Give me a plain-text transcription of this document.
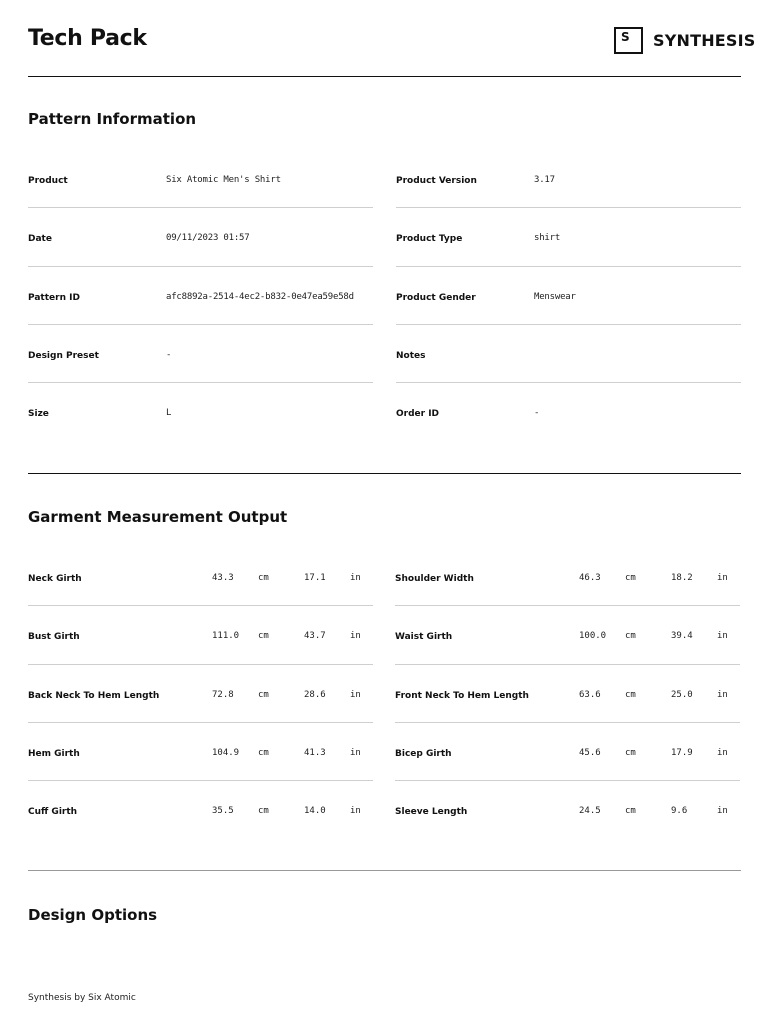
Tech Pack	S SYNTHESIS
Pattern Information
Product	Six Atomic Men's Shirt
Date	09/11/2023 01:57
Pattern ID	afc8892a-2514-4ec2-b832-0e47ea59e58d
Design Preset	-
Size	L
Product Version	3.17
Product Type	shirt
Product Gender	Menswear
Notes
Order ID	-
Garment Measurement Output
Neck Girth	43.3	cm	17.1	in
Bust Girth	111.0 cm	43.7	in
Back Neck To Hem Length	72.8	cm	28.6	in
Hem Girth	104.9 cm	41.3	in
Cuff Girth	35.5	cm	14.0	in
Shoulder Width	46.3	cm	18.2	in
Waist Girth	100.0 cm	39.4	in
Front Neck To Hem Length	63.6	cm	25.0	in
Bicep Girth	45.6	cm	17.9	in
Sleeve Length	24.5	cm	9.6	in
Design Options
Synthesis by Six Atomic
